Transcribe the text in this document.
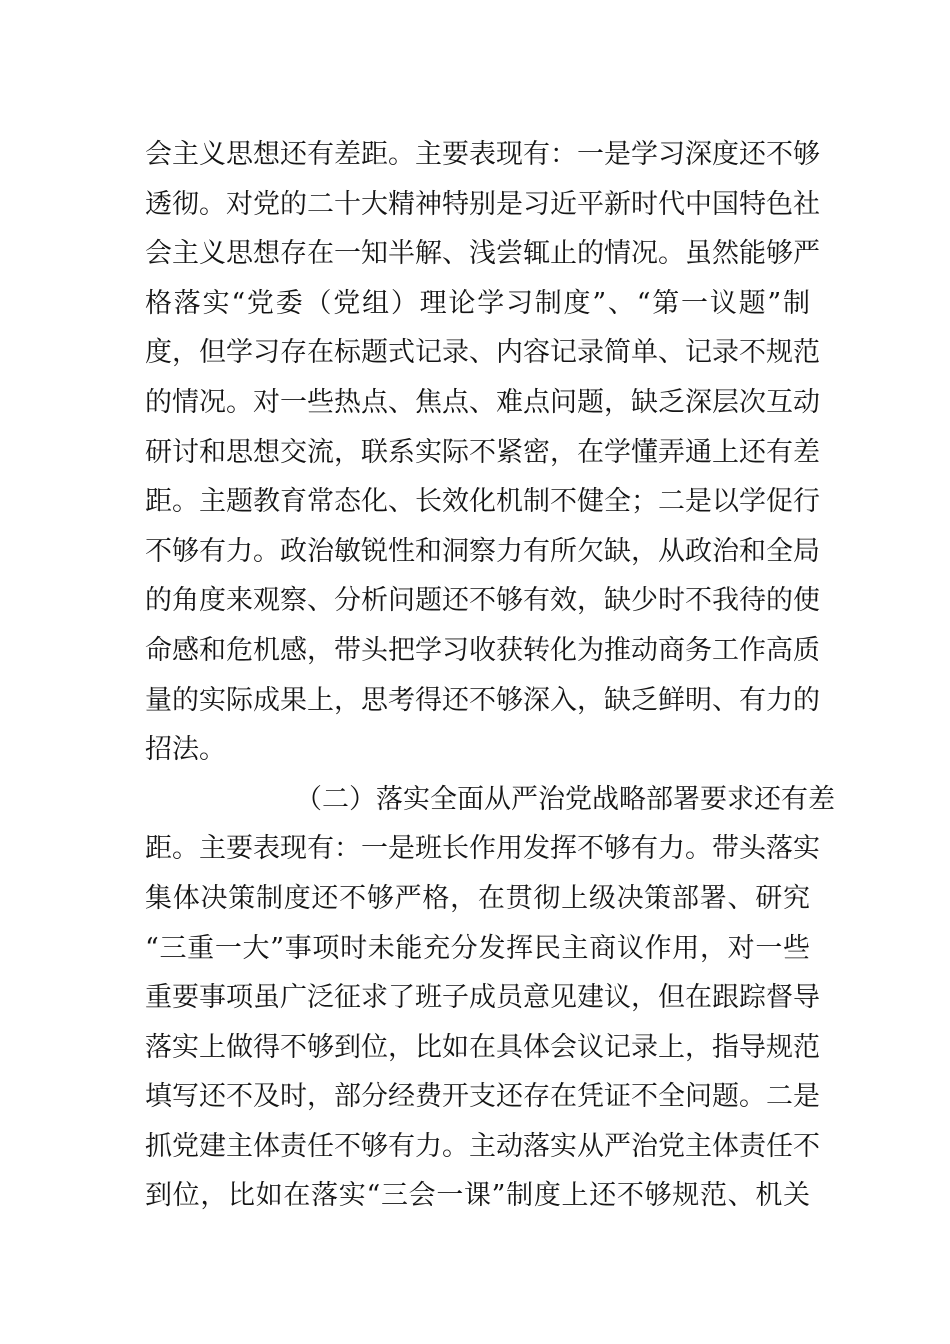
会主义思想还有差距。主要表现有：一是学习深度还不够
透彻。对党的二十大精神特别是习近平新时代中国特色社
会主义思想存在一知半解、浅尝辄止的情况。虽然能够严
格落实“党委（党组）理论学习制度”、“第一议题”制
度，但学习存在标题式记录、内容记录简单、记录不规范
的情况。对一些热点、焦点、难点问题，缺乏深层次互动
研讨和思想交流，联系实际不紧密，在学懂弄通上还有差
距。主题教育常态化、长效化机制不健全；二是以学促行
不够有力。政治敏锐性和洞察力有所欠缺，从政治和全局
的角度来观察、分析问题还不够有效，缺少时不我待的使
命感和危机感，带头把学习收获转化为推动商务工作高质
量的实际成果上，思考得还不够深入，缺乏鲜明、有力的
招法。
（二）落实全面从严治党战略部署要求还有差
距。主要表现有：一是班长作用发挥不够有力。带头落实
集体决策制度还不够严格，在贯彻上级决策部署、研究
“三重一大”事项时未能充分发挥民主商议作用，对一些
重要事项虽广泛征求了班子成员意见建议，但在跟踪督导
落实上做得不够到位，比如在具体会议记录上，指导规范
填写还不及时，部分经费开支还存在凭证不全问题。二是
抓党建主体责任不够有力。主动落实从严治党主体责任不
到位，比如在落实“三会一课”制度上还不够规范、机关
